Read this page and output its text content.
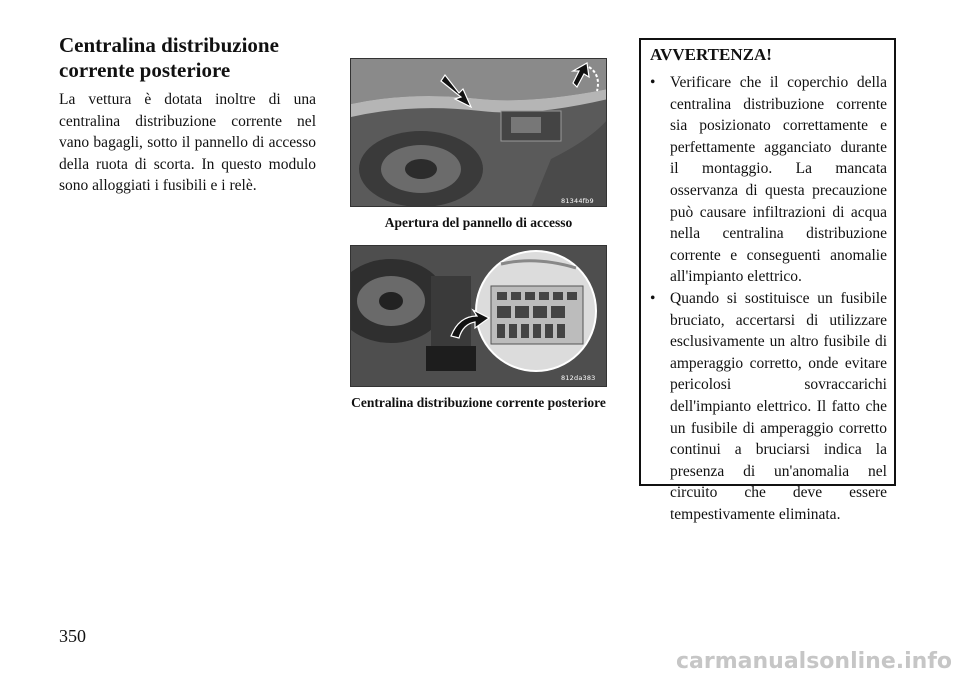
Centralina distribuzione corrente posteriore

La vettura è dotata inoltre di una centralina distribuzione corrente nel vano bagagli, sotto il pannello di accesso della ruota di scorta. In questo modulo sono alloggiati i fusibili e i relè.

81344fb9
Apertura del pannello di accesso
812da383
Centralina distribuzione corrente posteriore
AVVERTENZA!
• Verificare che il coperchio della centralina distribuzione corrente sia posizionato correttamente e perfettamente agganciato durante il montaggio. La mancata osservanza di questa precauzione può causare infiltrazioni di acqua nella centralina distribuzione corrente e conseguenti anomalie all'impianto elettrico.
• Quando si sostituisce un fusibile bruciato, accertarsi di utilizzare esclusivamente un altro fusibile di amperaggio corretto, onde evitare pericolosi sovraccarichi dell'impianto elettrico. Il fatto che un fusibile di amperaggio corretto continui a bruciarsi indica la presenza di un'anomalia nel circuito che deve essere tempestivamente eliminata.
350
carmanualsonline.info
